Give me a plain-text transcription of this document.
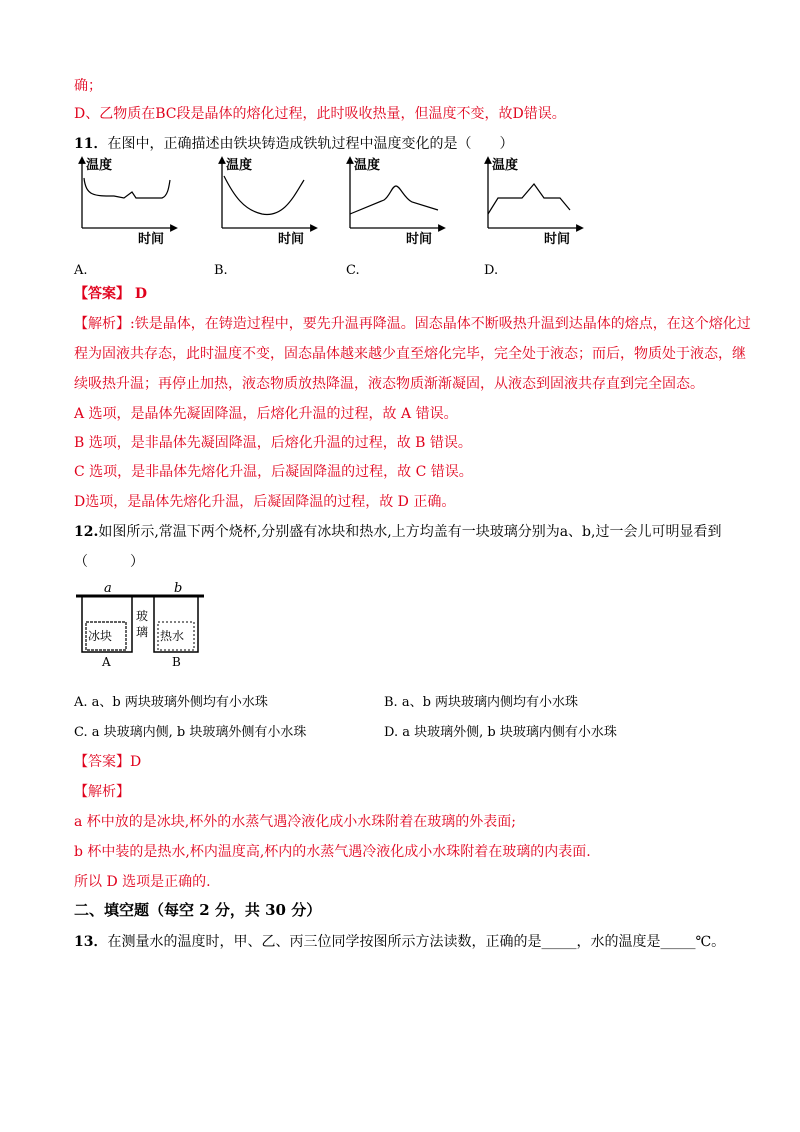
确；
D、乙物质在BC段是晶体的熔化过程，此时吸收热量，但温度不变，故D错误。
11．在图中，正确描述由铁块铸造成铁轨过程中温度变化的是（　　）
温度
时间
温度
时间
温度
时间
温度
时间
A.	B.	C.	D.
【答案】 D
【解析】:铁是晶体，在铸造过程中，要先升温再降温。固态晶体不断吸热升温到达晶体的熔点，在这个熔化过
程为固液共存态，此时温度不变，固态晶体越来越少直至熔化完毕，完全处于液态；而后，物质处于液态，继
续吸热升温；再停止加热，液态物质放热降温，液态物质渐渐凝固，从液态到固液共存直到完全固态。
A 选项，是晶体先凝固降温，后熔化升温的过程，故 A 错误。
B 选项，是非晶体先凝固降温，后熔化升温的过程，故 B 错误。
C 选项，是非晶体先熔化升温，后凝固降温的过程，故 C 错误。
D选项，是晶体先熔化升温，后凝固降温的过程，故 D 正确。
12.如图所示,常温下两个烧杯,分别盛有冰块和热水,上方均盖有一块玻璃分别为a、b,过一会儿可明显看到
（　　　）
a	b
冰块
A
玻
璃 热水
B
A. a、b 两块玻璃外侧均有小水珠	B. a、b 两块玻璃内侧均有小水珠
C. a 块玻璃内侧, b 块玻璃外侧有小水珠	D. a 块玻璃外侧, b 块玻璃内侧有小水珠
【答案】D
【解析】
a 杯中放的是冰块,杯外的水蒸气遇冷液化成小水珠附着在玻璃的外表面;
b 杯中装的是热水,杯内温度高,杯内的水蒸气遇冷液化成小水珠附着在玻璃的内表面.
所以 D 选项是正确的.
二、填空题（每空 2 分，共 30 分）
13．在测量水的温度时，甲、乙、丙三位同学按图所示方法读数，正确的是_____，水的温度是_____℃。
